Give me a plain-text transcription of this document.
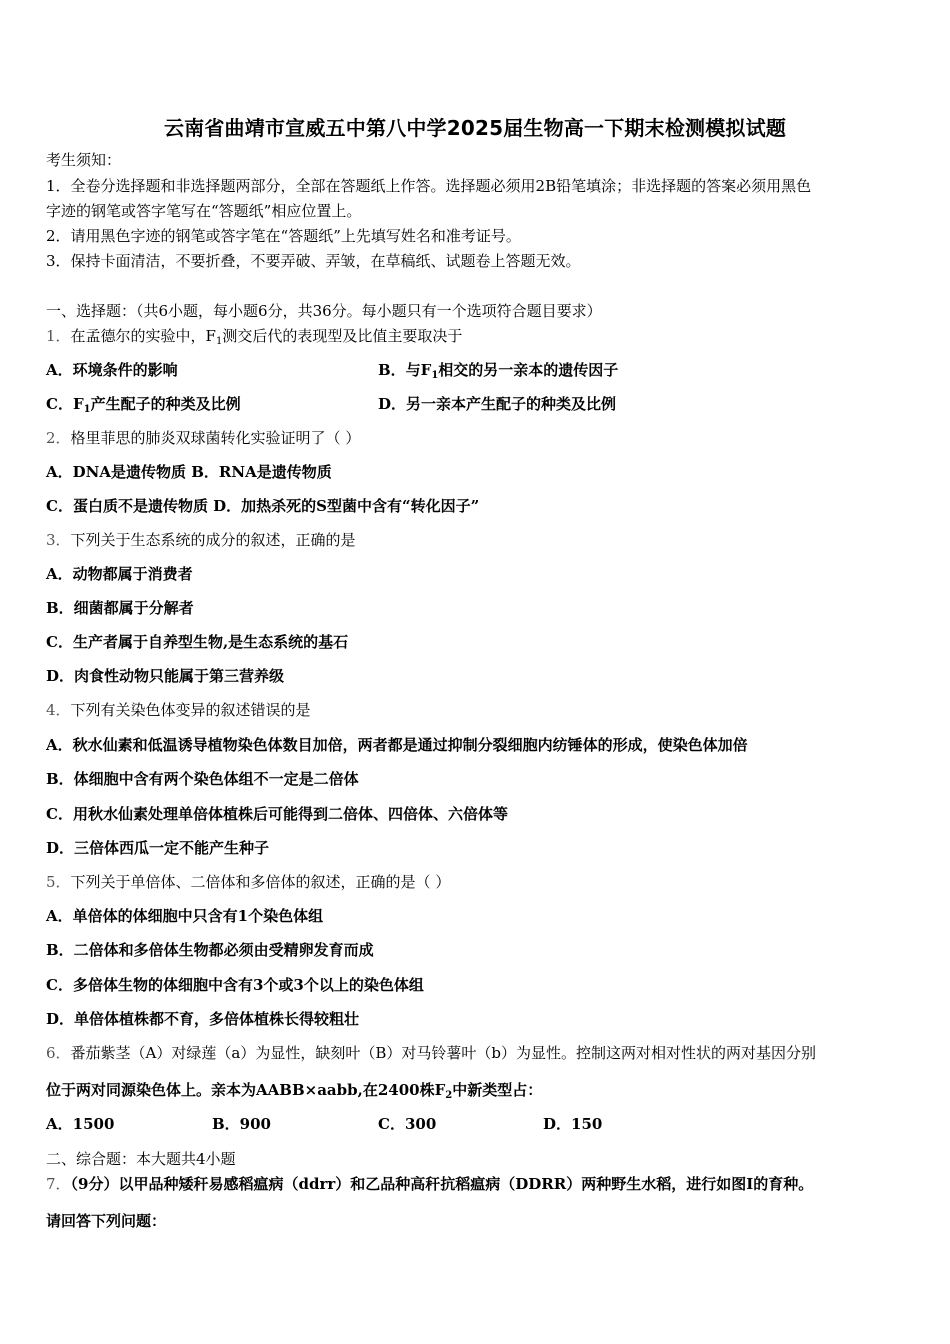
云南省曲靖市宣威五中第八中学2025届生物高一下期末检测模拟试题
考生须知：
1．全卷分选择题和非选择题两部分，全部在答题纸上作答。选择题必须用2B铅笔填涂；非选择题的答案必须用黑色
字迹的钢笔或答字笔写在“答题纸”相应位置上。
2．请用黑色字迹的钢笔或答字笔在“答题纸”上先填写姓名和准考证号。
3．保持卡面清洁，不要折叠，不要弄破、弄皱，在草稿纸、试题卷上答题无效。
一、选择题：（共6小题，每小题6分，共36分。每小题只有一个选项符合题目要求）
1．在孟德尔的实验中，$F_1$测交后代的表现型及比值主要取决于
A．环境条件的影响	B．与$F_1$相交的另一亲本的遗传因子
C．$F_1$产生配子的种类及比例	D．另一亲本产生配子的种类及比例
2．格里菲思的肺炎双球菌转化实验证明了（ ）
A．DNA是遗传物质 B．RNA是遗传物质
C．蛋白质不是遗传物质 D．加热杀死的S型菌中含有“转化因子”
3．下列关于生态系统的成分的叙述，正确的是
A．动物都属于消费者
B．细菌都属于分解者
C．生产者属于自养型生物,是生态系统的基石
D．肉食性动物只能属于第三营养级
4．下列有关染色体变异的叙述错误的是
A．秋水仙素和低温诱导植物染色体数目加倍，两者都是通过抑制分裂细胞内纺锤体的形成，使染色体加倍
B．体细胞中含有两个染色体组不一定是二倍体
C．用秋水仙素处理单倍体植株后可能得到二倍体、四倍体、六倍体等
D．三倍体西瓜一定不能产生种子
5．下列关于单倍体、二倍体和多倍体的叙述，正确的是（ ）
A．单倍体的体细胞中只含有1个染色体组
B．二倍体和多倍体生物都必须由受精卵发育而成
C．多倍体生物的体细胞中含有3个或3个以上的染色体组
D．单倍体植株都不育，多倍体植株长得较粗壮
6．番茄紫茎（A）对绿莲（a）为显性，缺刻叶（B）对马铃薯叶（b）为显性。控制这两对相对性状的两对基因分别
位于两对同源染色体上。亲本为AABB×aabb,在2400株$F_2$中新类型占：
A．1500	B．900	C．300	D．150
二、综合题：本大题共4小题
7．（9分）以甲品种矮秆易感稻瘟病（ddrr）和乙品种高秆抗稻瘟病（DDRR）两种野生水稻，进行如图I的育种。
请回答下列问题：
